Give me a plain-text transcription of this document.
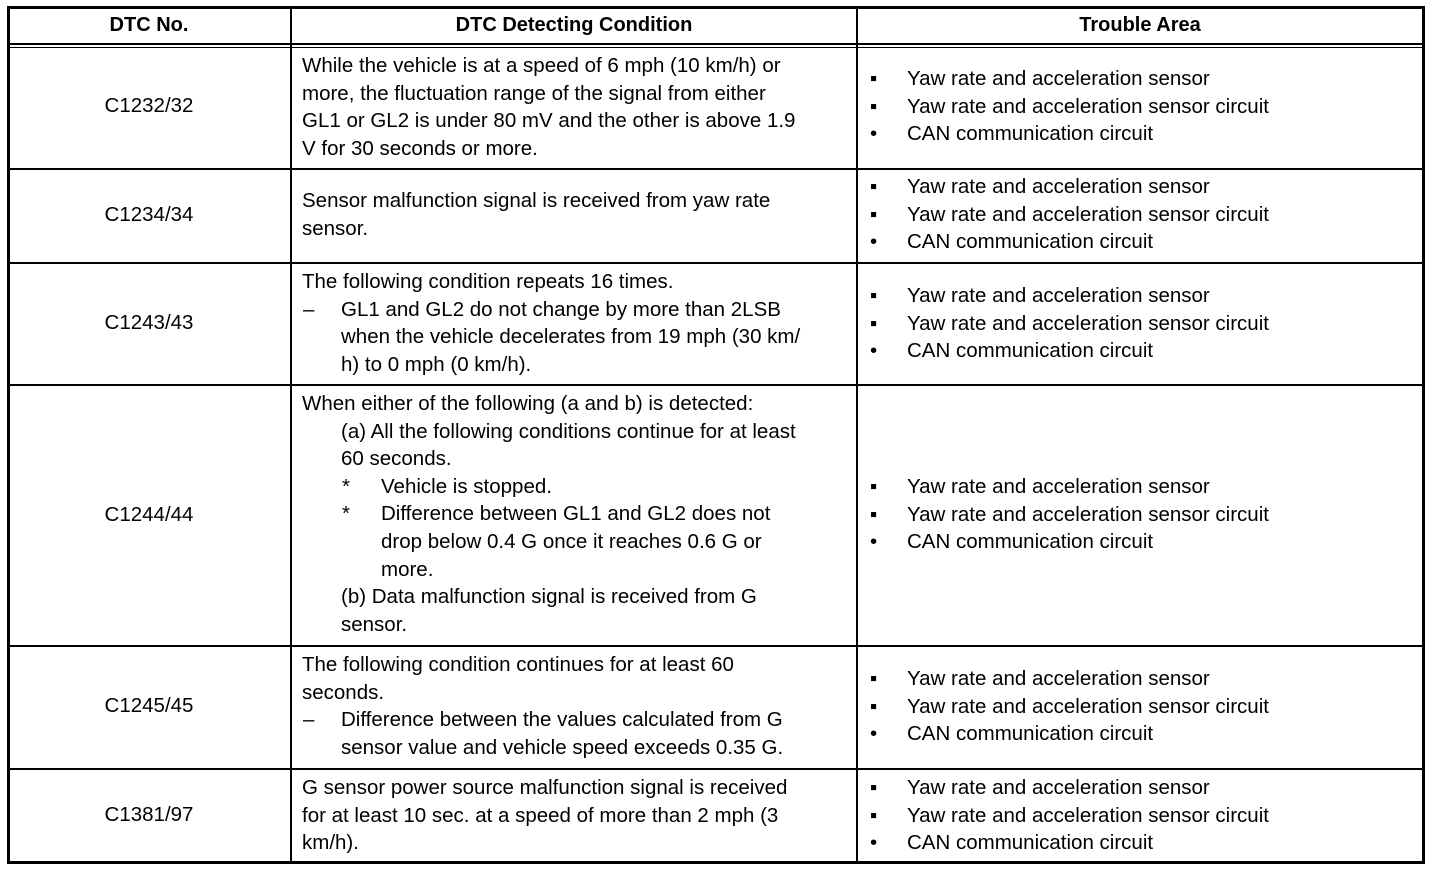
DTC No.	DTC Detecting Condition	Trouble Area
C1232/32
While the vehicle is at a speed of 6 mph (10 km/h) or
more, the fluctuation range of the signal from either
GL1 or GL2 is under 80 mV and the other is above 1.9
V for 30 seconds or more.
▪ Yaw rate and acceleration sensor
▪ Yaw rate and acceleration sensor circuit
• CAN communication circuit
C1234/34
Sensor malfunction signal is received from yaw rate
sensor.
▪ Yaw rate and acceleration sensor
▪ Yaw rate and acceleration sensor circuit
• CAN communication circuit
C1243/43
The following condition repeats 16 times.
– GL1 and GL2 do not change by more than 2LSB
when the vehicle decelerates from 19 mph (30 km/
h) to 0 mph (0 km/h).
▪ Yaw rate and acceleration sensor
▪ Yaw rate and acceleration sensor circuit
• CAN communication circuit
C1244/44
When either of the following (a and b) is detected:
(a) All the following conditions continue for at least
60 seconds.
* Vehicle is stopped.
* Difference between GL1 and GL2 does not
drop below 0.4 G once it reaches 0.6 G or
more.
(b) Data malfunction signal is received from G
sensor.
▪ Yaw rate and acceleration sensor
▪ Yaw rate and acceleration sensor circuit
• CAN communication circuit
C1245/45
The following condition continues for at least 60
seconds.
– Difference between the values calculated from G
sensor value and vehicle speed exceeds 0.35 G.
▪ Yaw rate and acceleration sensor
▪ Yaw rate and acceleration sensor circuit
• CAN communication circuit
C1381/97
G sensor power source malfunction signal is received
for at least 10 sec. at a speed of more than 2 mph (3
km/h).
▪ Yaw rate and acceleration sensor
▪ Yaw rate and acceleration sensor circuit
• CAN communication circuit
